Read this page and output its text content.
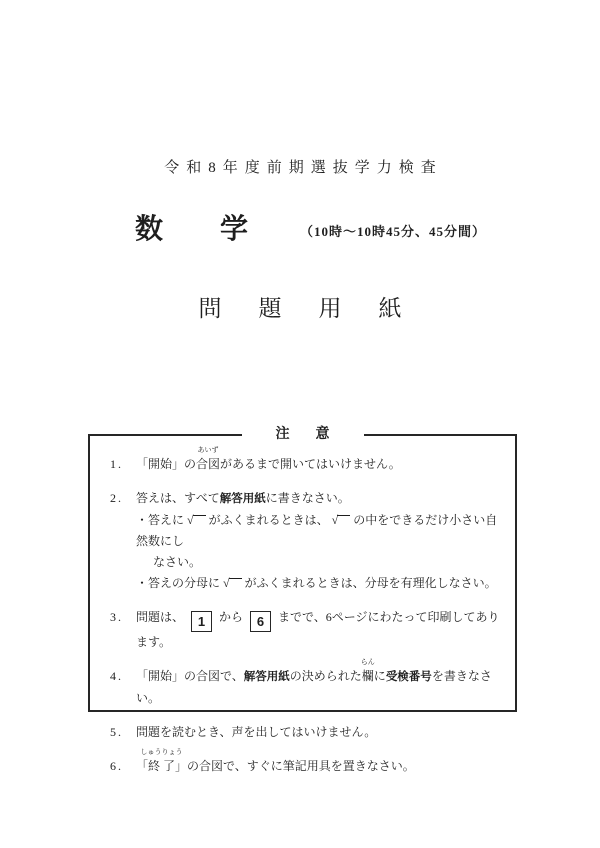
令和8年度前期選抜学力検査
数 学	（10時～10時45分、45分間）
問題用紙
注意
1.	「開始」の
あいず
合図があるまで開いてはいけません。
2.	答えは、すべて解答用紙に書きなさい。
・答えに √ がふくまれるときは、 √ の中をできるだけ小さい自然数にし
なさい。
・答えの分母に √ がふくまれるときは、分母を有理化しなさい。
3.	問題は、 1 から 6 までで、6ページにわたって印刷してあります。
4.	「開始」の合図で、解答用紙の決められた
らん
欄に受検番号を書きなさい。
5.	問題を読むとき、声を出してはいけません。
6.	「
しゅうりょう
終 了」の合図で、すぐに筆記用具を置きなさい。
